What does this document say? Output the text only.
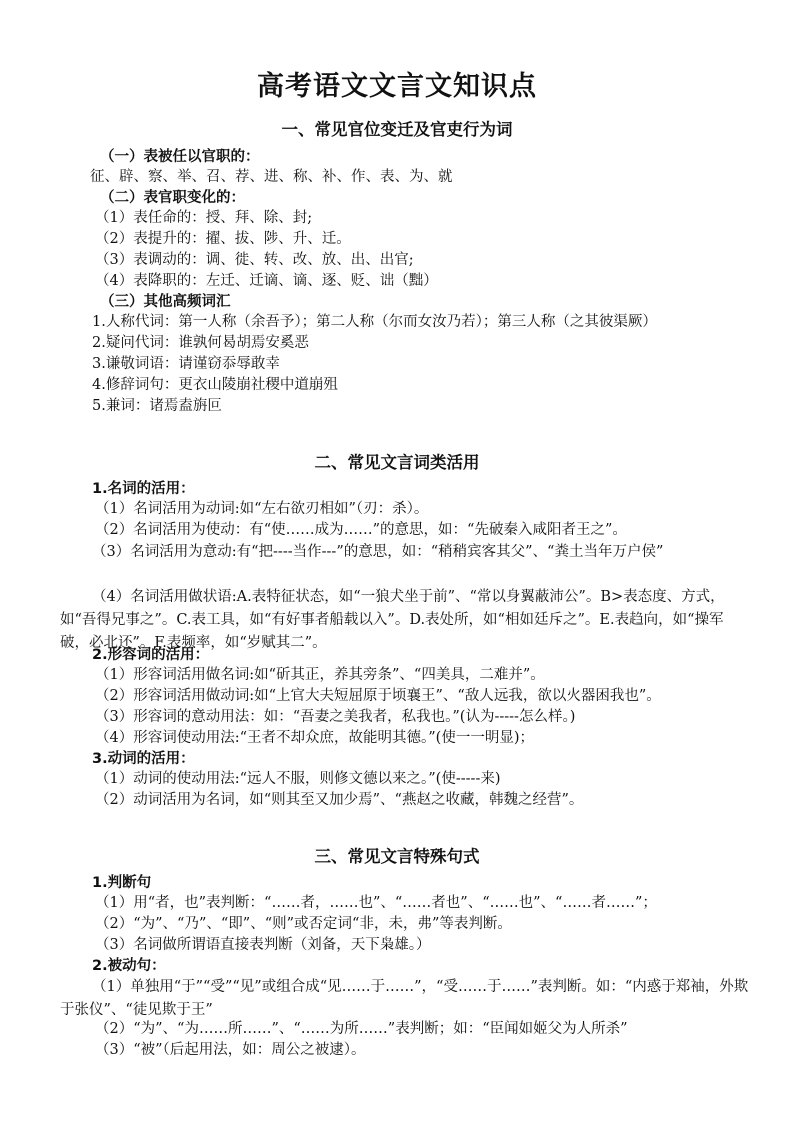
高考语文文言文知识点
一、常见官位变迁及官吏行为词

（一）表被任以官职的：

征、辟、察、举、召、荐、进、称、补、作、表、为、就

（二）表官职变化的：

（1）表任命的：授、拜、除、封;

（2）表提升的：擢、拔、陟、升、迁。

（3）表调动的：调、徙、转、改、放、出、出官;

（4）表降职的：左迁、迁谪、谪、逐、贬、诎（黜）

（三）其他高频词汇

1.人称代词：第一人称（余吾予）；第二人称（尔而女汝乃若）；第三人称（之其彼渠厥）

2.疑问代词：谁孰何曷胡焉安奚恶

3.谦敬词语：请谨窃忝辱敢幸

4.修辞词句：更衣山陵崩社稷中道崩殂

5.兼词：诸焉盍旃叵

二、常见文言词类活用

1.名词的活用：

（1）名词活用为动词:如“左右欲刃相如”（刃：杀）。

（2）名词活用为使动：有“使……成为……”的意思，如：“先破秦入咸阳者王之”。

（3）名词活用为意动:有“把----当作---”的意思，如：“稍稍宾客其父”、“粪土当年万户侯”

（4）名词活用做状语:A.表特征状态，如“一狼犬坐于前”、“常以身翼蔽沛公”。B>表态度、方式，如“吾得兄事之”。C.表工具，如“有好事者船载以入”。D.表处所，如“相如廷斥之”。E.表趋向，如“操军破，必北还”。F.表频率，如“岁赋其二”。

2.形容词的活用：

（1）形容词活用做名词:如“斫其正，养其旁条”、“四美具，二难并”。

（2）形容词活用做动词:如“上官大夫短屈原于顷襄王”、“敌人远我，欲以火器困我也”。

（3）形容词的意动用法：如：“吾妻之美我者，私我也。”(认为-----怎么样。)

（4）形容词使动用法:“王者不却众庶，故能明其德。”(使一一明显)；

3.动词的活用：

（1）动词的使动用法:“远人不服，则修文德以来之。”(使-----来)

（2）动词活用为名词，如“则其至又加少焉”、“燕赵之收藏，韩魏之经营”。

三、常见文言特殊句式

1.判断句

（1）用“者，也”表判断：“……者，……也”、“……者也”、“……也”、“……者……”；

（2）“为”、“乃”、“即”、“则”或否定词“非，未，弗”等表判断。

（3）名词做所谓语直接表判断（刘备，天下枭雄。）

2.被动句：

（1）单独用“于”“受”“见”或组合成“见……于……”，“受……于……”表判断。如：“内惑于郑袖，外欺于张仪”、“徒见欺于王”

（2）“为”、“为……所……”、“……为所……”表判断；如：“臣闻如姬父为人所杀”

（3）“被”（后起用法，如：周公之被逮）。
